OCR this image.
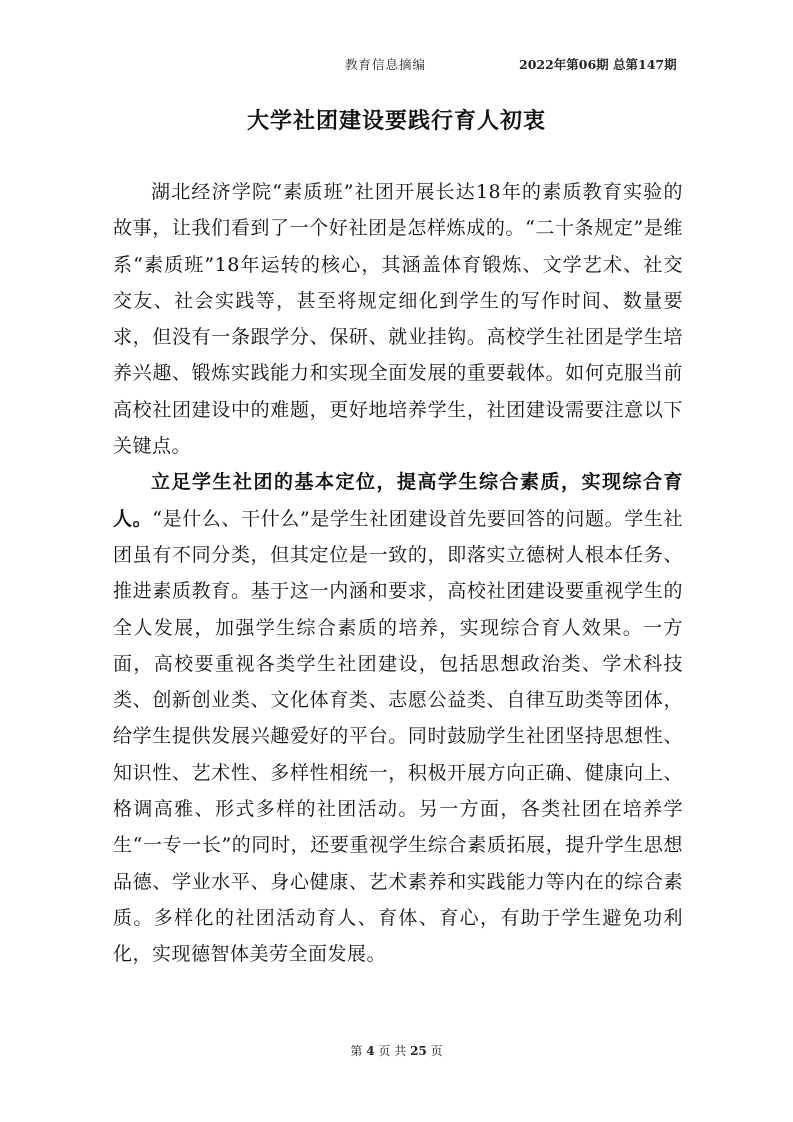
教育信息摘编	2022年第06期 总第147期
大学社团建设要践行育人初衷

湖北经济学院“素质班”社团开展长达18年的素质教育实验的故事，让我们看到了一个好社团是怎样炼成的。“二十条规定”是维系“素质班”18年运转的核心，其涵盖体育锻炼、文学艺术、社交交友、社会实践等，甚至将规定细化到学生的写作时间、数量要求，但没有一条跟学分、保研、就业挂钩。高校学生社团是学生培养兴趣、锻炼实践能力和实现全面发展的重要载体。如何克服当前高校社团建设中的难题，更好地培养学生，社团建设需要注意以下关键点。

立足学生社团的基本定位，提高学生综合素质，实现综合育人。“是什么、干什么”是学生社团建设首先要回答的问题。学生社团虽有不同分类，但其定位是一致的，即落实立德树人根本任务、推进素质教育。基于这一内涵和要求，高校社团建设要重视学生的全人发展，加强学生综合素质的培养，实现综合育人效果。一方面，高校要重视各类学生社团建设，包括思想政治类、学术科技类、创新创业类、文化体育类、志愿公益类、自律互助类等团体，给学生提供发展兴趣爱好的平台。同时鼓励学生社团坚持思想性、知识性、艺术性、多样性相统一，积极开展方向正确、健康向上、格调高雅、形式多样的社团活动。另一方面，各类社团在培养学生“一专一长”的同时，还要重视学生综合素质拓展，提升学生思想品德、学业水平、身心健康、艺术素养和实践能力等内在的综合素质。多样化的社团活动育人、育体、育心，有助于学生避免功利化，实现德智体美劳全面发展。

第 4 页 共 25 页
